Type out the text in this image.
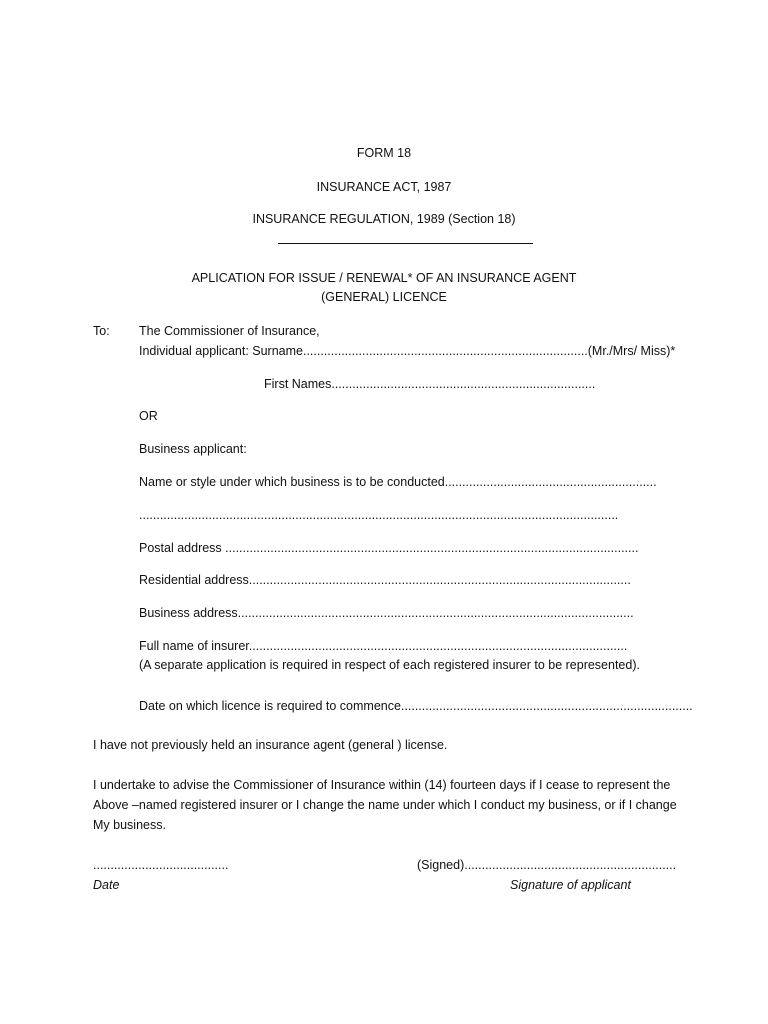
FORM 18
INSURANCE ACT, 1987
INSURANCE REGULATION, 1989 (Section 18)
APLICATION FOR ISSUE / RENEWAL* OF AN INSURANCE AGENT
(GENERAL) LICENCE
To: The Commissioner of Insurance,
Individual applicant: Surname..................................................................................(Mr./Mrs/ Miss)*
First Names............................................................................
OR
Business applicant:
Name or style under which business is to be conducted.............................................................
..........................................................................................................................................
Postal address .......................................................................................................................
Residential address..............................................................................................................
Business address..................................................................................................................
Full name of insurer.............................................................................................................
(A separate application is required in respect of each registered insurer to be represented).
Date on which licence is required to commence....................................................................................
I have not previously held an insurance agent (general ) license.
I undertake to advise the Commissioner of Insurance within (14) fourteen days if I cease to represent the
Above –named registered insurer or I change the name under which I conduct my business, or if I change
My business.
.......................................	(Signed).............................................................
Date	Signature of applicant
